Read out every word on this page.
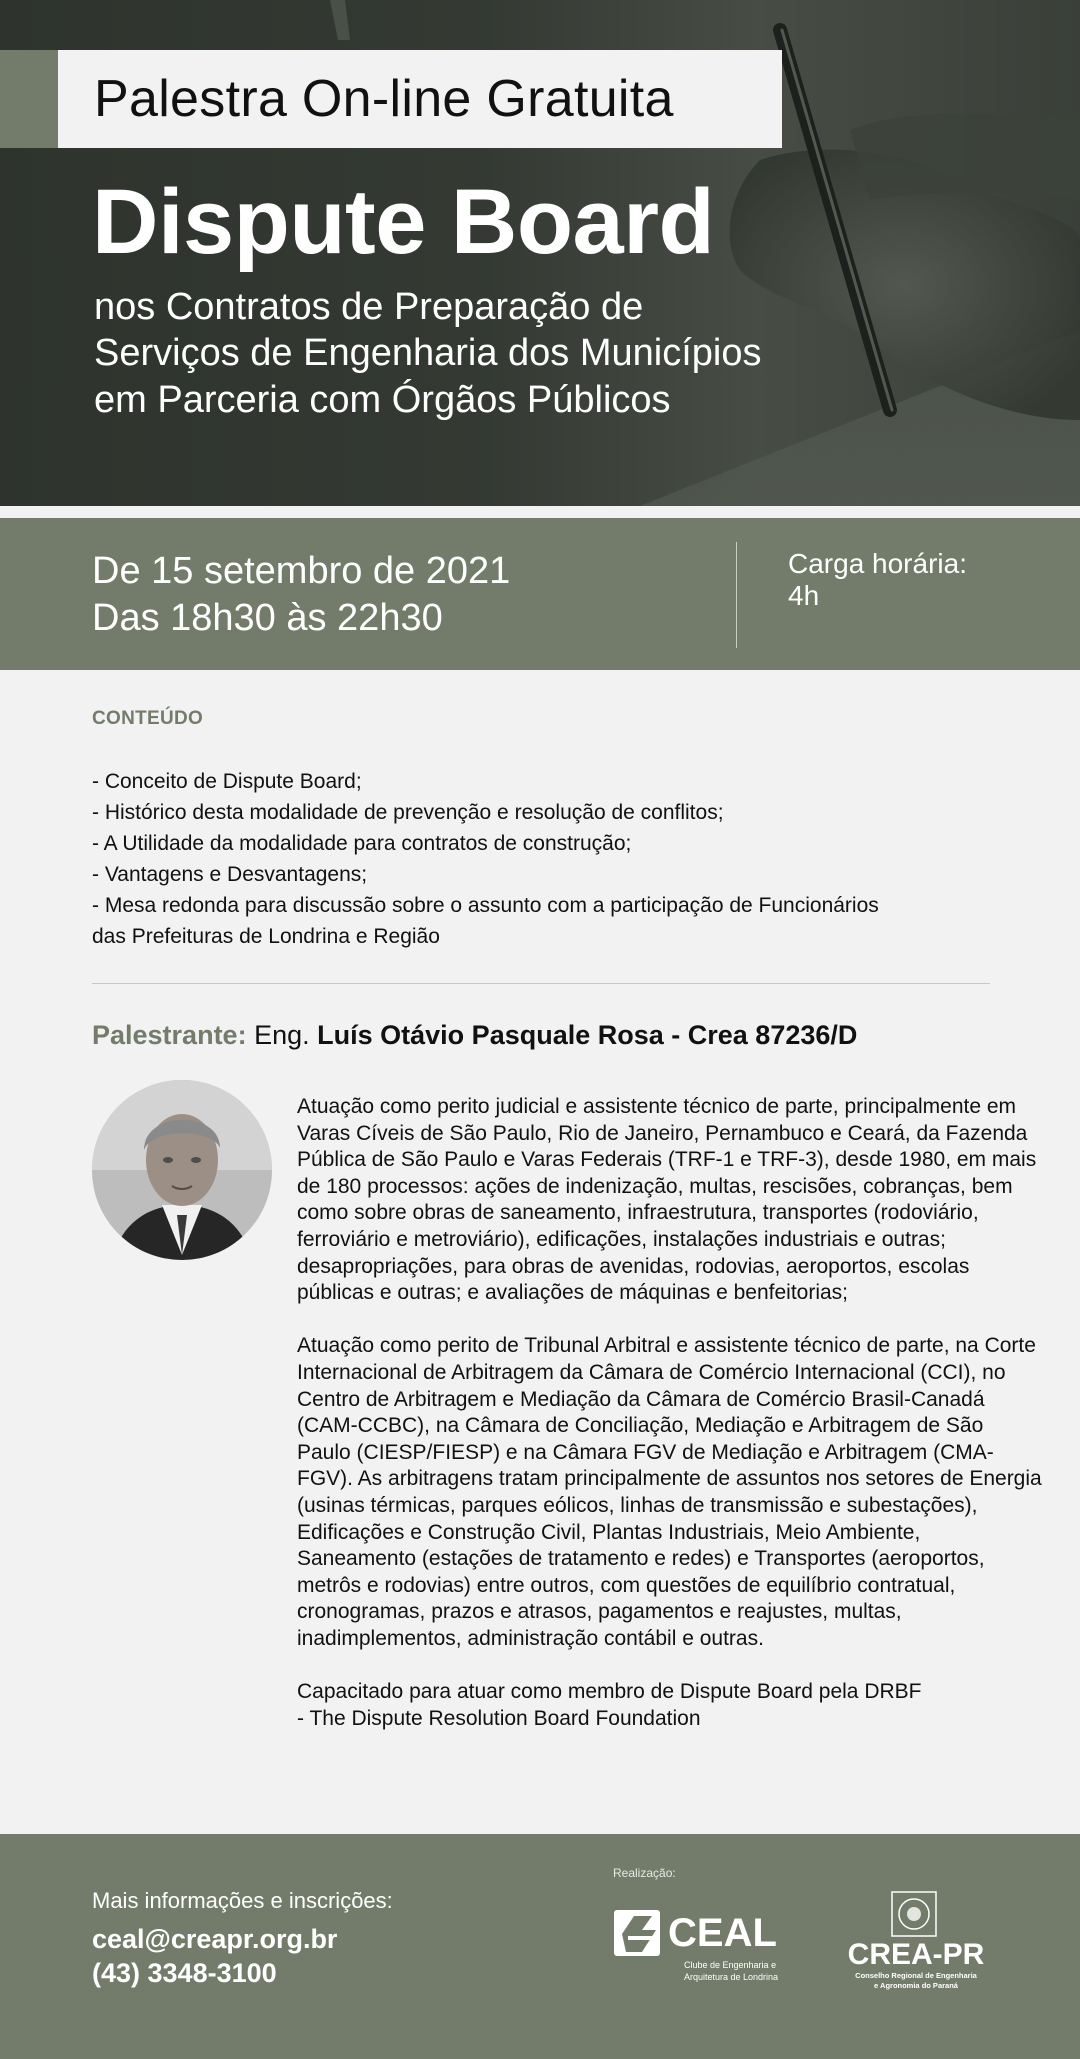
Palestra On-line Gratuita
Dispute Board
nos Contratos de Preparação de
Serviços de Engenharia dos Municípios
em Parceria com Órgãos Públicos
De 15 setembro de 2021
Das 18h30 às 22h30
Carga horária:
4h
CONTEÚDO
- Conceito de Dispute Board;
- Histórico desta modalidade de prevenção e resolução de conflitos;
- A Utilidade da modalidade para contratos de construção;
- Vantagens e Desvantagens;
- Mesa redonda para discussão sobre o assunto com a participação de Funcionários
das Prefeituras de Londrina e Região
Palestrante: Eng. Luís Otávio Pasquale Rosa - Crea 87236/D

Atuação como perito judicial e assistente técnico de parte, principalmente em Varas Cíveis de São Paulo, Rio de Janeiro, Pernambuco e Ceará, da Fazenda Pública de São Paulo e Varas Federais (TRF-1 e TRF-3), desde 1980, em mais de 180 processos: ações de indenização, multas, rescisões, cobranças, bem como sobre obras de saneamento, infraestrutura, transportes (rodoviário, ferroviário e metroviário), edificações, instalações industriais e outras; desapropriações, para obras de avenidas, rodovias, aeroportos, escolas públicas e outras; e avaliações de máquinas e benfeitorias;

Atuação como perito de Tribunal Arbitral e assistente técnico de parte, na Corte Internacional de Arbitragem da Câmara de Comércio Internacional (CCI), no Centro de Arbitragem e Mediação da Câmara de Comércio Brasil-Canadá (CAM-CCBC), na Câmara de Conciliação, Mediação e Arbitragem de São Paulo (CIESP/FIESP) e na Câmara FGV de Mediação e Arbitragem (CMA-FGV). As arbitragens tratam principalmente de assuntos nos setores de Energia (usinas térmicas, parques eólicos, linhas de transmissão e subestações), Edificações e Construção Civil, Plantas Industriais, Meio Ambiente, Saneamento (estações de tratamento e redes) e Transportes (aeroportos, metrôs e rodovias) entre outros, com questões de equilíbrio contratual, cronogramas, prazos e atrasos, pagamentos e reajustes, multas, inadimplementos, administração contábil e outras.

Capacitado para atuar como membro de Dispute Board pela DRBF
- The Dispute Resolution Board Foundation
Mais informações e inscrições:
ceal@creapr.org.br
(43) 3348-3100
Realização:
CEAL
Clube de Engenharia e
Arquitetura de Londrina
CREA-PR
Conselho Regional de Engenharia
e Agronomia do Paraná
